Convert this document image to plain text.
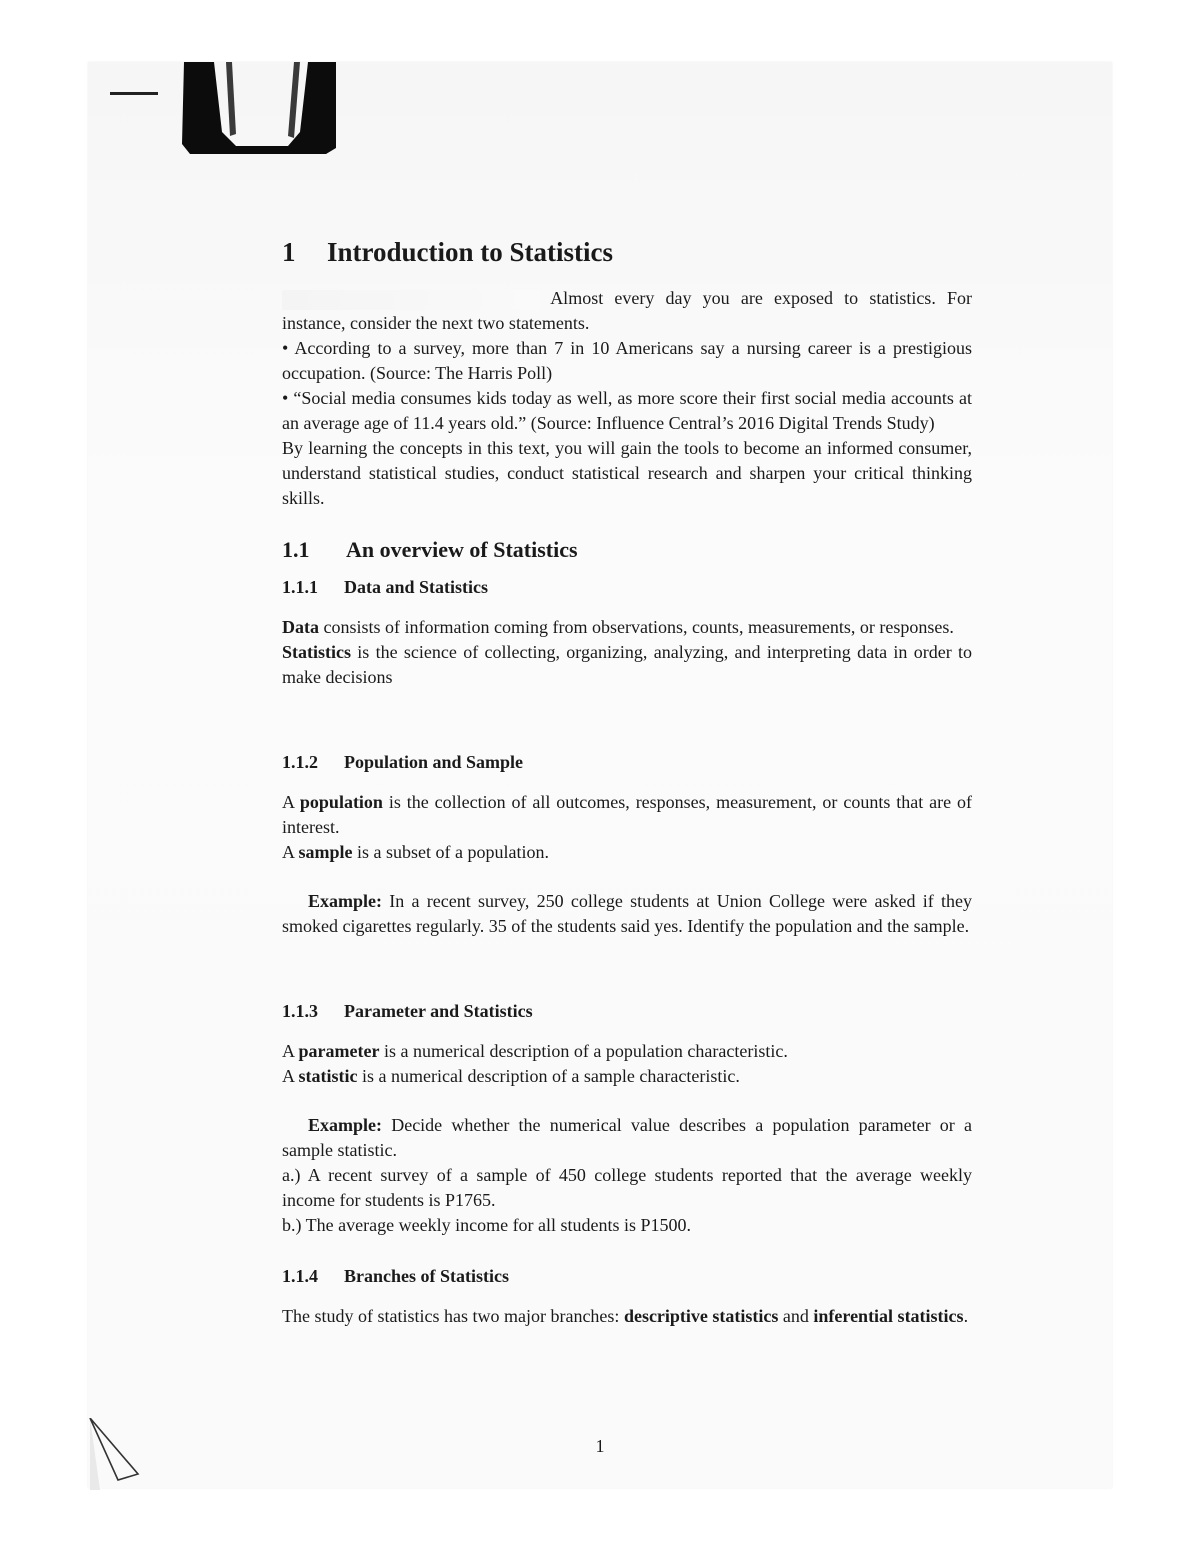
1 Introduction to Statistics

Almost every day you are exposed to statistics. For instance, consider the next two statements.

• According to a survey, more than 7 in 10 Americans say a nursing career is a prestigious occupation. (Source: The Harris Poll)

• “Social media consumes kids today as well, as more score their first social media accounts at an average age of 11.4 years old.” (Source: Influence Central’s 2016 Digital Trends Study)

By learning the concepts in this text, you will gain the tools to become an informed consumer, understand statistical studies, conduct statistical research and sharpen your critical thinking skills.

1.1 An overview of Statistics
1.1.1 Data and Statistics

Data consists of information coming from observations, counts, measurements, or responses.

Statistics is the science of collecting, organizing, analyzing, and interpreting data in order to make decisions

1.1.2 Population and Sample

A population is the collection of all outcomes, responses, measurement, or counts that are of interest.

A sample is a subset of a population.

Example: In a recent survey, 250 college students at Union College were asked if they smoked cigarettes regularly. 35 of the students said yes. Identify the population and the sample.

1.1.3 Parameter and Statistics

A parameter is a numerical description of a population characteristic.

A statistic is a numerical description of a sample characteristic.

Example: Decide whether the numerical value describes a population parameter or a sample statistic.

a.) A recent survey of a sample of 450 college students reported that the average weekly income for students is P1765.

b.) The average weekly income for all students is P1500.

1.1.4 Branches of Statistics

The study of statistics has two major branches: descriptive statistics and inferential statistics.

1
